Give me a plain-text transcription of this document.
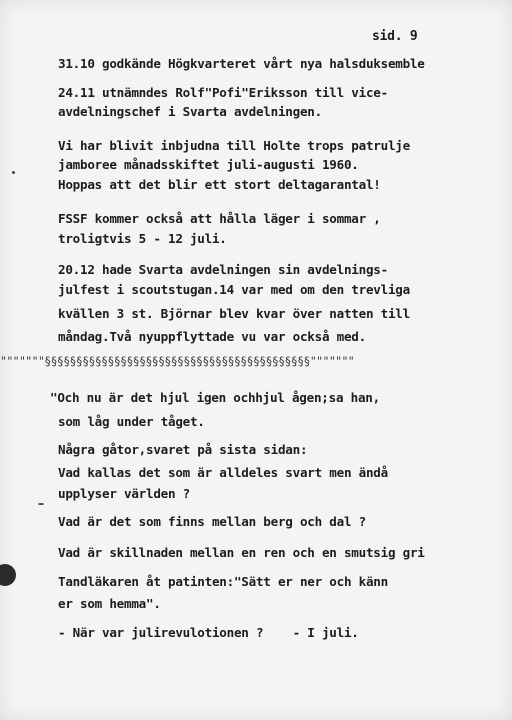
sid. 9
31.10 godkände Högkvarteret vårt nya halsduksemble
24.11 utnämndes Rolf"Pofi"Eriksson till vice-
avdelningschef i Svarta avdelningen.
Vi har blivit inbjudna till Holte trops patrulje
jamboree månadsskiftet juli-augusti 1960.
Hoppas att det blir ett stort deltagarantal!
FSSF kommer också att hålla läger i sommar ,
troligtvis 5 - 12 juli.
20.12 hade Svarta avdelningen sin avdelnings-
julfest i scoutstugan.14 var med om den trevliga
kvällen 3 st. Björnar blev kvar över natten till
måndag.Två nyuppflyttade vu var också med.
"""""""§§§§§§§§§§§§§§§§§§§§§§§§§§§§§§§§§§§§§§§§§§"""""""
"Och nu är det hjul igen ochhjul ågen;sa han,
som låg under tåget.
Några gåtor,svaret på sista sidan:
Vad kallas det som är alldeles svart men ändå
upplyser världen ?
Vad är det som finns mellan berg och dal ?
Vad är skillnaden mellan en ren och en smutsig gri
Tandläkaren åt patinten:"Sätt er ner och känn
er som hemma".
- När var julirevulotionen ?    - I juli.
